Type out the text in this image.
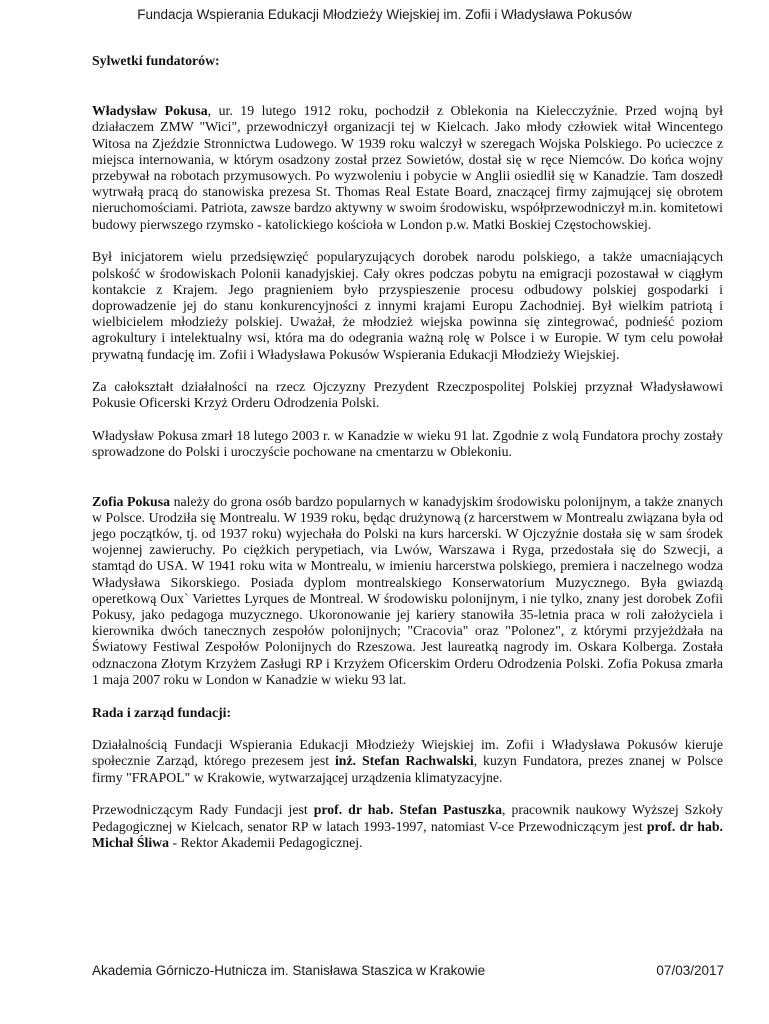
Fundacja Wspierania Edukacji Młodzieży Wiejskiej im. Zofii i Władysława Pokusów

Sylwetki fundatorów:

Władysław Pokusa, ur. 19 lutego 1912 roku, pochodził z Oblekonia na Kielecczyźnie. Przed wojną był działaczem ZMW "Wici", przewodniczył organizacji tej w Kielcach. Jako młody człowiek witał Wincentego Witosa na Zjeździe Stronnictwa Ludowego. W 1939 roku walczył w szeregach Wojska Polskiego. Po ucieczce z miejsca internowania, w którym osadzony został przez Sowietów, dostał się w ręce Niemców. Do końca wojny przebywał na robotach przymusowych. Po wyzwoleniu i pobycie w Anglii osiedlił się w Kanadzie. Tam doszedł wytrwałą pracą do stanowiska prezesa St. Thomas Real Estate Board, znaczącej firmy zajmującej się obrotem nieruchomościami. Patriota, zawsze bardzo aktywny w swoim środowisku, współprzewodniczył m.in. komitetowi budowy pierwszego rzymsko - katolickiego kościoła w London p.w. Matki Boskiej Częstochowskiej.

Był inicjatorem wielu przedsięwzięć popularyzujących dorobek narodu polskiego, a także umacniających polskość w środowiskach Polonii kanadyjskiej. Cały okres podczas pobytu na emigracji pozostawał w ciągłym kontakcie z Krajem. Jego pragnieniem było przyspieszenie procesu odbudowy polskiej gospodarki i doprowadzenie jej do stanu konkurencyjności z innymi krajami Europu Zachodniej. Był wielkim patriotą i wielbicielem młodzieży polskiej. Uważał, że młodzież wiejska powinna się zintegrować, podnieść poziom agrokultury i intelektualny wsi, która ma do odegrania ważną rolę w Polsce i w Europie. W tym celu powołał prywatną fundację im. Zofii i Władysława Pokusów Wspierania Edukacji Młodzieży Wiejskiej.

Za całokształt działalności na rzecz Ojczyzny Prezydent Rzeczpospolitej Polskiej przyznał Władysławowi Pokusie Oficerski Krzyż Orderu Odrodzenia Polski.

Władysław Pokusa zmarł 18 lutego 2003 r. w Kanadzie w wieku 91 lat. Zgodnie z wolą Fundatora prochy zostały sprowadzone do Polski i uroczyście pochowane na cmentarzu w Oblekoniu.

Zofia Pokusa należy do grona osób bardzo popularnych w kanadyjskim środowisku polonijnym, a także znanych w Polsce. Urodziła się Montrealu. W 1939 roku, będąc drużynową (z harcerstwem w Montrealu związana była od jego początków, tj. od 1937 roku) wyjechała do Polski na kurs harcerski. W Ojczyźnie dostała się w sam środek wojennej zawieruchy. Po ciężkich perypetiach, via Lwów, Warszawa i Ryga, przedostała się do Szwecji, a stamtąd do USA. W 1941 roku wita w Montrealu, w imieniu harcerstwa polskiego, premiera i naczelnego wodza Władysława Sikorskiego. Posiada dyplom montrealskiego Konserwatorium Muzycznego. Była gwiazdą operetkową Oux` Variettes Lyrques de Montreal. W środowisku polonijnym, i nie tylko, znany jest dorobek Zofii Pokusy, jako pedagoga muzycznego. Ukoronowanie jej kariery stanowiła 35-letnia praca w roli założyciela i kierownika dwóch tanecznych zespołów polonijnych; "Cracovia" oraz "Polonez", z którymi przyjeżdżała na Światowy Festiwal Zespołów Polonijnych do Rzeszowa. Jest laureatką nagrody im. Oskara Kolberga. Została odznaczona Złotym Krzyżem Zasługi RP i Krzyżem Oficerskim Orderu Odrodzenia Polski. Zofia Pokusa zmarła 1 maja 2007 roku w London w Kanadzie w wieku 93 lat.

Rada i zarząd fundacji:

Działalnością Fundacji Wspierania Edukacji Młodzieży Wiejskiej im. Zofii i Władysława Pokusów kieruje społecznie Zarząd, którego prezesem jest inż. Stefan Rachwalski, kuzyn Fundatora, prezes znanej w Polsce firmy "FRAPOL" w Krakowie, wytwarzającej urządzenia klimatyzacyjne.

Przewodniczącym Rady Fundacji jest prof. dr hab. Stefan Pastuszka, pracownik naukowy Wyższej Szkoły Pedagogicznej w Kielcach, senator RP w latach 1993-1997, natomiast V-ce Przewodniczącym jest prof. dr hab. Michał Śliwa - Rektor Akademii Pedagogicznej.

Akademia Górniczo-Hutnicza im. Stanisława Staszica w Krakowie	07/03/2017
